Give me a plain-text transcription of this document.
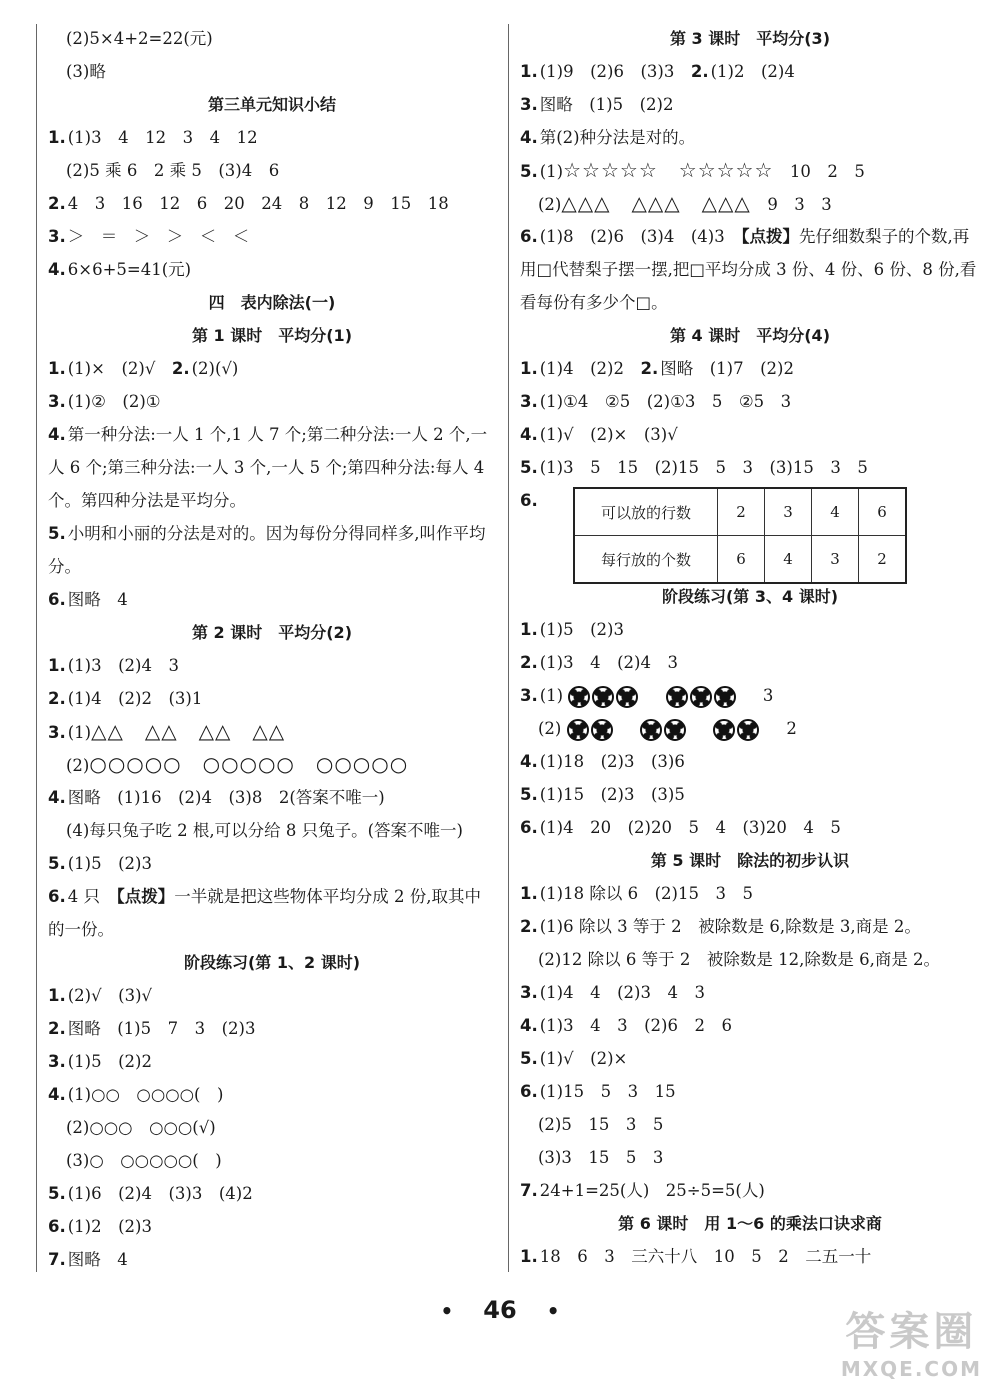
(2)5×4+2=22(元)
(3)略
第三单元知识小结
1. (1)3　4　12　3　4　12
(2)5 乘 6　2 乘 5　(3)4　6
2. 4　3　16　12　6　20　24　8　12　9　15　18
3. ＞　＝　＞　＞　＜　＜
4. 6×6+5=41(元)
四　表内除法(一)
第 1 课时　平均分(1)
1. (1)×　(2)√　 2. (2)(√)
3. (1)②　(2)①
4. 第一种分法:一人 1 个,1 人 7 个;第二种分法:一人 2 个,一人 6 个;第三种分法:一人 3 个,一人 5 个;第四种分法:每人 4 个。第四种分法是平均分。
5. 小明和小丽的分法是对的。因为每份分得同样多,叫作平均分。
6. 图略　4
第 2 课时　平均分(2)
1. (1)3　(2)4　3
2. (1)4　(2)2　(3)1
3. (1)△△　△△　△△　△△
(2)○○○○○　○○○○○　○○○○○
4. 图略　(1)16　(2)4　(3)8　2(答案不唯一)
(4)每只兔子吃 2 根,可以分给 8 只兔子。(答案不唯一)
5. (1)5　(2)3
6. 4 只　【点拨】一半就是把这些物体平均分成 2 份,取其中的一份。
阶段练习(第 1、2 课时)
1. (2)√　(3)√
2. 图略　(1)5　7　3　(2)3
3. (1)5　(2)2
4. (1)○○　○○○○(　)
(2)○○○　○○○(√)
(3)○　○○○○○(　)
5. (1)6　(2)4　(3)3　(4)2
6. (1)2　(2)3
7. 图略　4
第 3 课时　平均分(3)
1. (1)9　(2)6　(3)3　 2. (1)2　(2)4
3. 图略　(1)5　(2)2
4. 第(2)种分法是对的。
5. (1)☆☆☆☆☆　☆☆☆☆☆　10　2　5
(2)△△△　△△△　△△△　9　3　3
6. (1)8　(2)6　(3)4　(4)3　【点拨】先仔细数梨子的个数,再用□代替梨子摆一摆,把□平均分成 3 份、4 份、6 份、8 份,看看每份有多少个□。
第 4 课时　平均分(4)
1. (1)4　(2)2　 2. 图略　(1)7　(2)2
3. (1)①4　②5　(2)①3　5　②5　3
4. (1)√　(2)×　(3)√
5. (1)3　5　15　(2)15　5　3　(3)15　3　5
6.
可以放的行数	2	3	4	6
每行放的个数	6	4	3	2
阶段练习(第 3、4 课时)
1. (1)5　(2)3
2. (1)3　4　(2)4　3
3. (1)	3
(2)	2
4. (1)18　(2)3　(3)6
5. (1)15　(2)3　(3)5
6. (1)4　20　(2)20　5　4　(3)20　4　5
第 5 课时　除法的初步认识
1. (1)18 除以 6　(2)15　3　5
2. (1)6 除以 3 等于 2　被除数是 6,除数是 3,商是 2。
(2)12 除以 6 等于 2　被除数是 12,除数是 6,商是 2。
3. (1)4　4　(2)3　4　3
4. (1)3　4　3　(2)6　2　6
5. (1)√　(2)×
6. (1)15　5　3　15
(2)5　15　3　5
(3)3　15　5　3
7. 24+1=25(人)　25÷5=5(人)
第 6 课时　用 1～6 的乘法口诀求商
1. 18　6　3　三六十八　10　5　2　二五一十
• 46 •	答案圈
MXQE.COM
